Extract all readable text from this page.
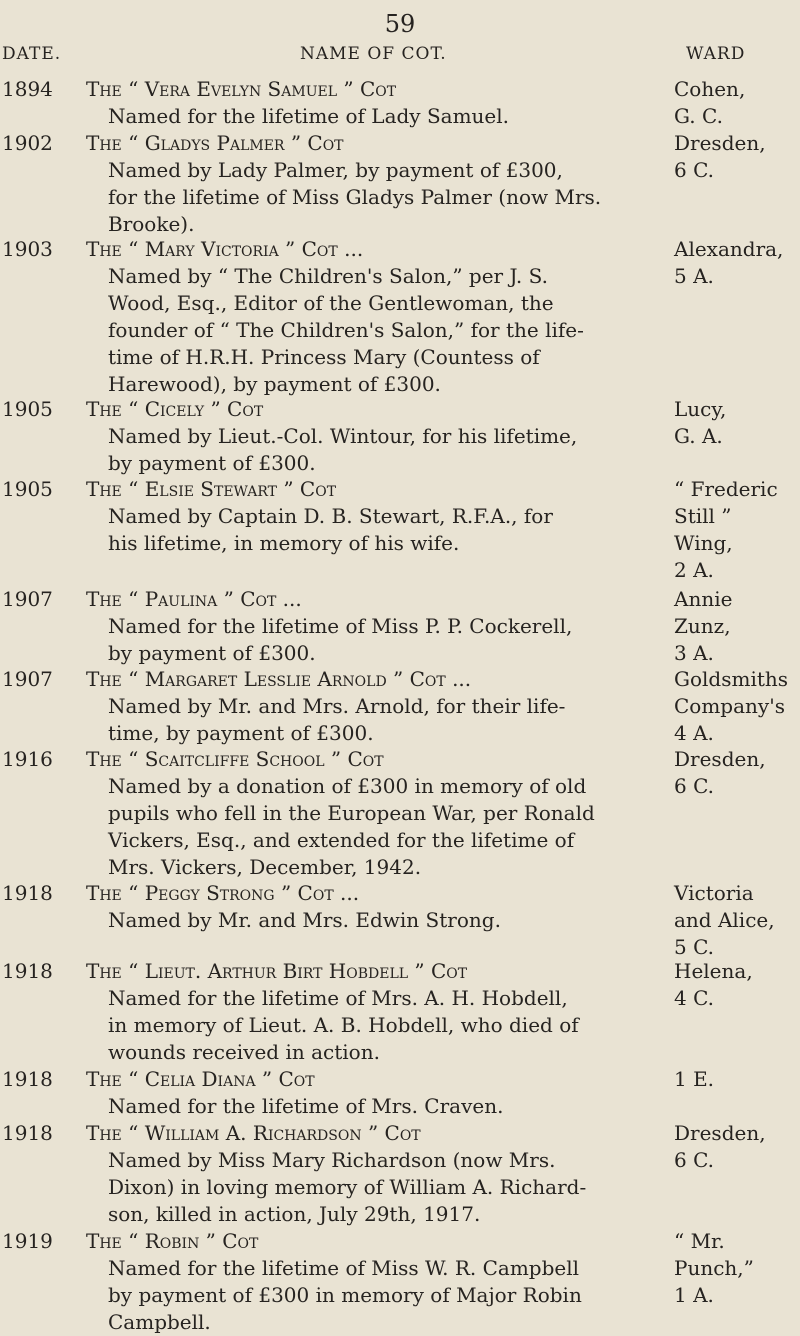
59
DATE.	NAME OF COT.	WARD
1894 The “ Vera Evelyn Samuel ” Cot
Named for the lifetime of Lady Samuel.
Cohen,
G. C.
1902 The “ Gladys Palmer ” Cot
Named by Lady Palmer, by payment of £300,
for the lifetime of Miss Gladys Palmer (now Mrs.
Brooke).
Dresden,
6 C.
1903 The “ Mary Victoria ” Cot ...
Named by “ The Children's Salon,” per J. S.
Wood, Esq., Editor of the Gentlewoman, the
founder of “ The Children's Salon,” for the life-
time of H.R.H. Princess Mary (Countess of
Harewood), by payment of £300.
Alexandra,
5 A.
1905 The “ Cicely ” Cot
Named by Lieut.-Col. Wintour, for his lifetime,
by payment of £300.
Lucy,
G. A.
1905 The “ Elsie Stewart ” Cot
Named by Captain D. B. Stewart, R.F.A., for
his lifetime, in memory of his wife.
“ Frederic
Still ”
Wing,
2 A.
1907 The “ Paulina ” Cot ...
Named for the lifetime of Miss P. P. Cockerell,
by payment of £300.
Annie
Zunz,
3 A.
1907 The “ Margaret Lesslie Arnold ” Cot ...
Named by Mr. and Mrs. Arnold, for their life-
time, by payment of £300.
Goldsmiths
Company's
4 A.
1916 The “ Scaitcliffe School ” Cot
Named by a donation of £300 in memory of old
pupils who fell in the European War, per Ronald
Vickers, Esq., and extended for the lifetime of
Mrs. Vickers, December, 1942.
Dresden,
6 C.
1918 The “ Peggy Strong ” Cot ...
Named by Mr. and Mrs. Edwin Strong.
Victoria
and Alice,
5 C.
1918 The “ Lieut. Arthur Birt Hobdell ” Cot
Named for the lifetime of Mrs. A. H. Hobdell,
in memory of Lieut. A. B. Hobdell, who died of
wounds received in action.
Helena,
4 C.
1918 The “ Celia Diana ” Cot
Named for the lifetime of Mrs. Craven.
1 E.
1918 The “ William A. Richardson ” Cot
Named by Miss Mary Richardson (now Mrs.
Dixon) in loving memory of William A. Richard-
son, killed in action, July 29th, 1917.
Dresden,
6 C.
1919 The “ Robin ” Cot
Named for the lifetime of Miss W. R. Campbell
by payment of £300 in memory of Major Robin
Campbell.
“ Mr.
Punch,”
1 A.
